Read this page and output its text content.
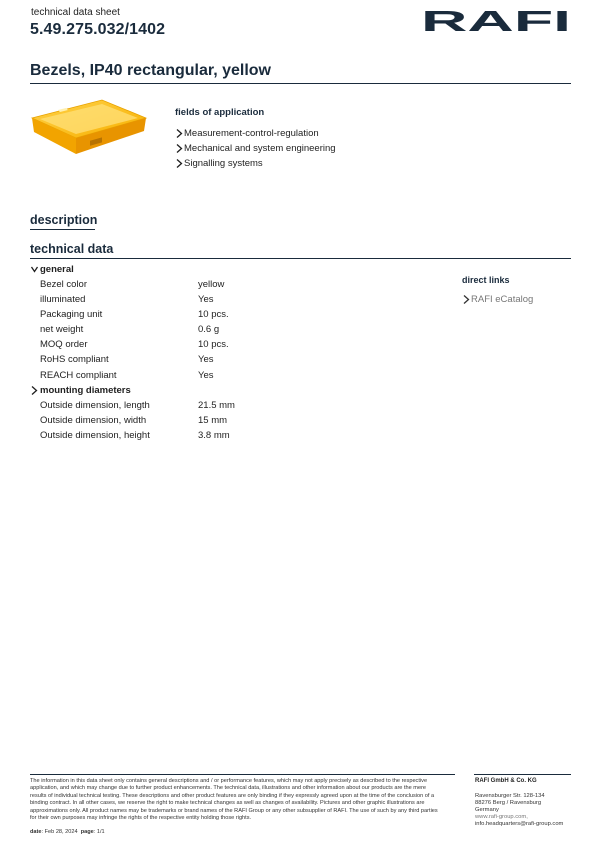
technical data sheet
5.49.275.032/1402	RAFI
Bezels, IP40 rectangular, yellow
fields of application
Measurement-control-regulation
Mechanical and system engineering
Signalling systems
description
technical data
general
Bezel color	yellow
illuminated	Yes
Packaging unit	10 pcs.
net weight	0.6 g
MOQ order	10 pcs.
RoHS compliant	Yes
REACH compliant	Yes
mounting diameters
Outside dimension, length	21.5 mm
Outside dimension, width	15 mm
Outside dimension, height	3.8 mm
direct links
RAFI eCatalog
The information in this data sheet only contains general descriptions and / or performance features, which may not apply precisely as described to the respective application, and which may change due to further product enhancements. The technical data, illustrations and other information about our products are the mere results of individual technical testing. These descriptions and other product features are only binding if they expressly agreed upon at the time of the conclusion of a binding contract. In all other cases, we reserve the right to make technical changes as well as changes of availability. Pictures and other graphic illustrations are approximations only. All product names may be trademarks or brand names of the RAFI Group or any other subsupplier of RAFI. The use of such by any third parties for their own purposes may infringe the rights of the respective entity holding those rights.
date: Feb 28, 2024 page: 1/1
RAFI GmbH & Co. KG
Ravensburger Str. 128-134
88276 Berg / Ravensburg
Germany
www.rafi-group.com,
info.headquarters@rafi-group.com
